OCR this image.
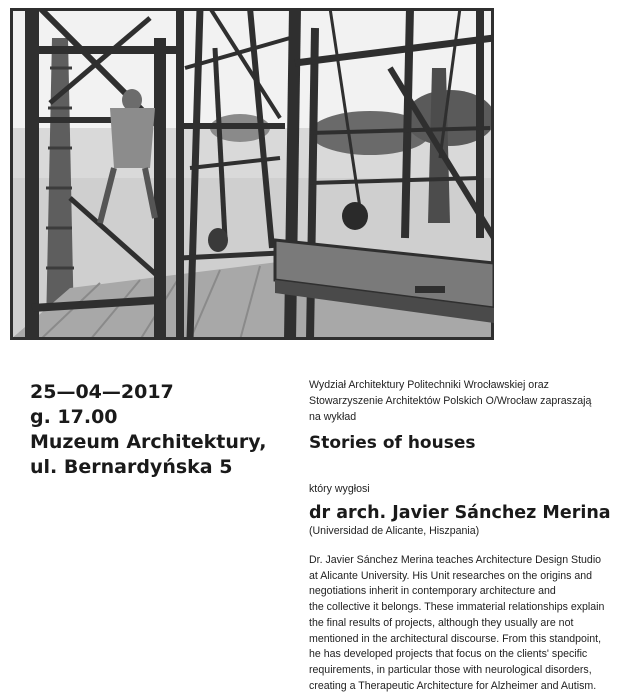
25—04—2017
g. 17.00
Muzeum Architektury,
ul. Bernardyńska 5
Wydział Architektury Politechniki Wrocławskiej oraz
Stowarzyszenie Architektów Polskich O/Wrocław zapraszają
na wykład
Stories of houses
który wygłosi
dr arch. Javier Sánchez Merina
(Universidad de Alicante, Hiszpania)
Dr. Javier Sánchez Merina teaches Architecture Design Studio
at Alicante University. His Unit researches on the origins and
negotiations inherit in contemporary architecture and
the collective it belongs. These immaterial relationships explain
the final results of projects, although they usually are not
mentioned in the architectural discourse. From this standpoint,
he has developed projects that focus on the clients' specific
requirements, in particular those with neurological disorders,
creating a Therapeutic Architecture for Alzheimer and Autism.
